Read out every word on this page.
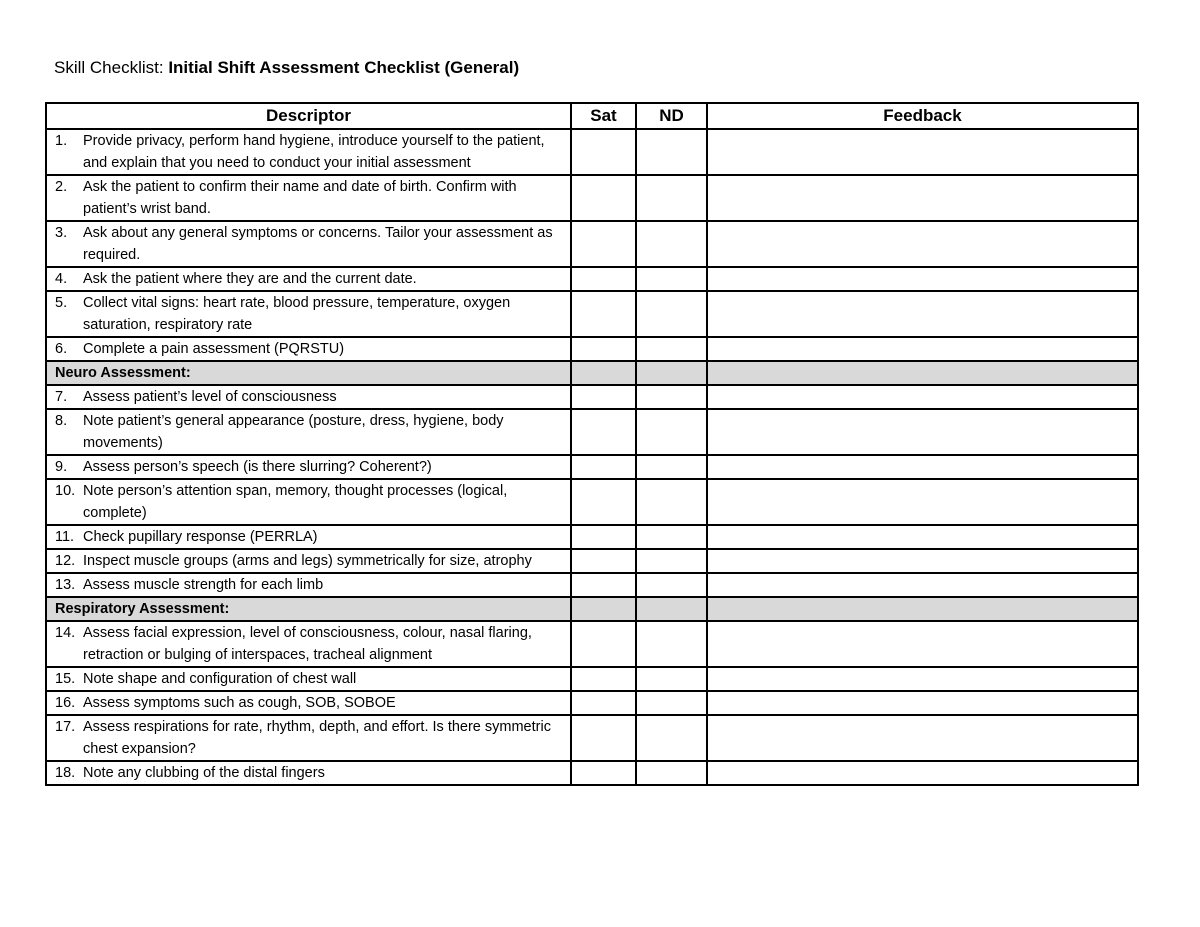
Skill Checklist: Initial Shift Assessment Checklist (General)
Descriptor	Sat	ND	Feedback

1. Provide privacy, perform hand hygiene, introduce yourself to the patient, and explain that you need to conduct your initial assessment			

2. Ask the patient to confirm their name and date of birth. Confirm with patient’s wrist band.			

3. Ask about any general symptoms or concerns. Tailor your assessment as required.			

4. Ask the patient where they are and the current date.			

5. Collect vital signs: heart rate, blood pressure, temperature, oxygen saturation, respiratory rate			

6. Complete a pain assessment (PQRSTU)			

Neuro Assessment:			

7. Assess patient’s level of consciousness			

8. Note patient’s general appearance (posture, dress, hygiene, body movements)			

9. Assess person’s speech (is there slurring? Coherent?)			

10. Note person’s attention span, memory, thought processes (logical, complete)			

11. Check pupillary response (PERRLA)			

12. Inspect muscle groups (arms and legs) symmetrically for size, atrophy			

13. Assess muscle strength for each limb			

Respiratory Assessment:			

14. Assess facial expression, level of consciousness, colour, nasal flaring, retraction or bulging of interspaces, tracheal alignment			

15. Note shape and configuration of chest wall			

16. Assess symptoms such as cough, SOB, SOBOE			

17. Assess respirations for rate, rhythm, depth, and effort. Is there symmetric chest expansion?			

18. Note any clubbing of the distal fingers			
